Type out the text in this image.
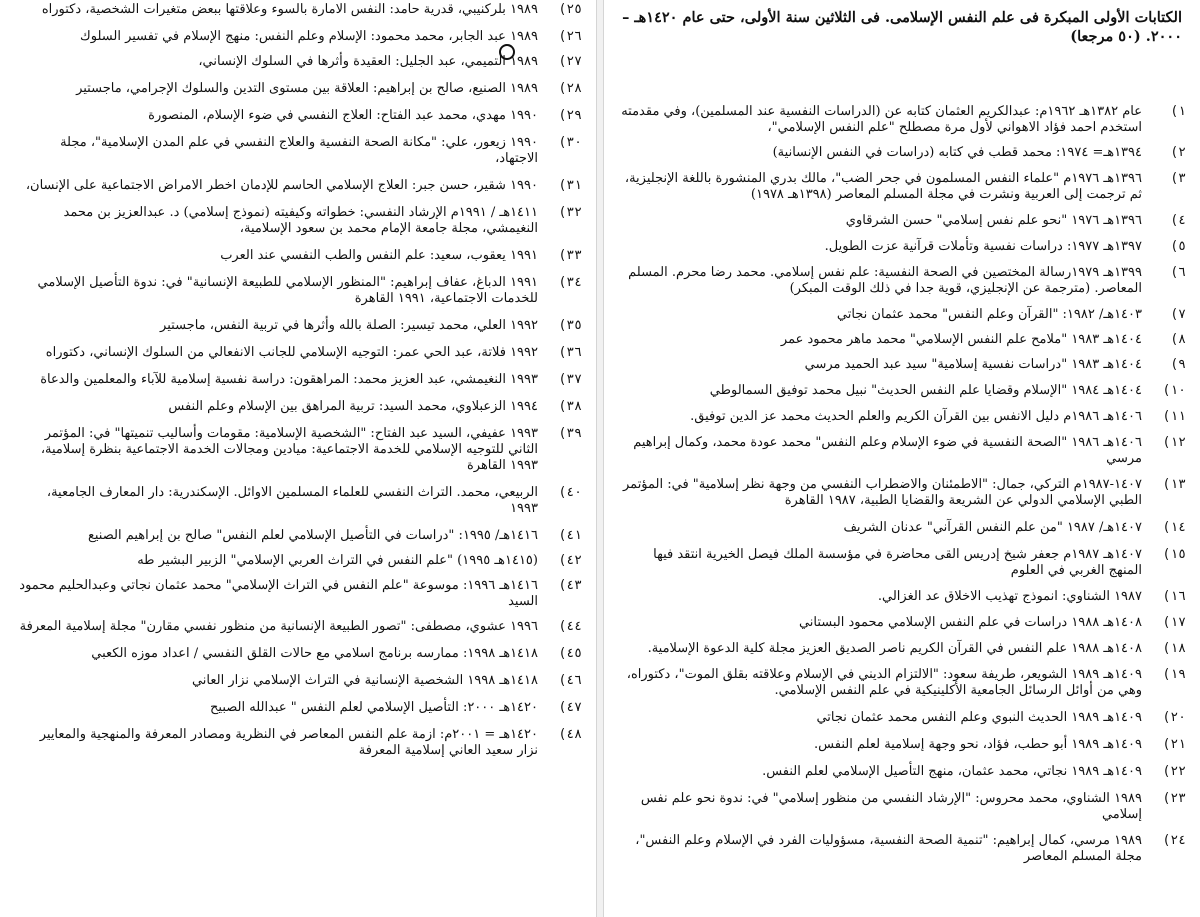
٢٥)
١٩٨٩ بلركنيبي، قدرية حامد: النفس الامارة بالسوء وعلاقتها ببعض متغيرات الشخصية، دكتوراه
٢٦)
١٩٨٩ عبد الجابر، محمد محمود: الإسلام وعلم النفس: منهج الإسلام في تفسير السلوك
٢٧)
١٩٨٩ التميمي، عبد الجليل: العقيدة وأثرها في السلوك الإنساني،
٢٨)
١٩٨٩ الصنيع، صالح بن إبراهيم: العلاقة بين مستوى التدين والسلوك الإجرامي، ماجستير
٢٩)
١٩٩٠ مهدي، محمد عبد الفتاح: العلاج النفسي في ضوء الإسلام، المنصورة
٣٠)
١٩٩٠ زيعور، علي: "مكانة الصحة النفسية والعلاج النفسي في علم المدن الإسلامية"، مجلة الاجتهاد،
٣١)
١٩٩٠ شقير، حسن جبر: العلاج الإسلامي الحاسم للإدمان اخطر الامراض الاجتماعية على الإنسان،
٣٢)
١٤١١هـ / ١٩٩١م الإرشاد النفسي: خطواته وكيفيته (نموذج إسلامي) د. عبدالعزيز بن محمد النغيمشي، مجلة جامعة الإمام محمد بن سعود الإسلامية،
٣٣)
١٩٩١ يعقوب، سعيد: علم النفس والطب النفسي عند العرب
٣٤)
١٩٩١ الدباغ، عفاف إبراهيم: "المنظور الإسلامي للطبيعة الإنسانية" في: ندوة التأصيل الإسلامي للخدمات الاجتماعية، ١٩٩١ القاهرة
٣٥)
١٩٩٢ العلي، محمد تيسير: الصلة بالله وأثرها في تربية النفس، ماجستير
٣٦)
١٩٩٢ فلاتة، عبد الحي عمر: التوجيه الإسلامي للجانب الانفعالي من السلوك الإنساني، دكتوراه
٣٧)
١٩٩٣ النغيمشي، عبد العزيز محمد: المراهقون: دراسة نفسية إسلامية للآباء والمعلمين والدعاة
٣٨)
١٩٩٤ الزعبلاوي، محمد السيد: تربية المراهق بين الإسلام وعلم النفس
٣٩)
١٩٩٣ عفيفي، السيد عبد الفتاح: "الشخصية الإسلامية: مقومات وأساليب تنميتها" في: المؤتمر الثاني للتوجيه الإسلامي للخدمة الاجتماعية: ميادين ومجالات الخدمة الاجتماعية بنظرة إسلامية، ١٩٩٣ القاهرة
٤٠)
الربيعي، محمد. التراث النفسي للعلماء المسلمين الاوائل. الإسكندرية: دار المعارف الجامعية، ١٩٩٣
٤١)
١٤١٦هـ/ ١٩٩٥: "دراسات في التأصيل الإسلامي لعلم النفس" صالح بن إبراهيم الصنيع
٤٢)
(١٤١٥هـ ١٩٩٥) "علم النفس في التراث العربي الإسلامي" الزبير البشير طه
٤٣)
١٤١٦هـ ١٩٩٦: موسوعة "علم النفس في التراث الإسلامي" محمد عثمان نجاتي وعبدالحليم محمود السيد
٤٤)
١٩٩٦ عشوي، مصطفى: "تصور الطبيعة الإنسانية من منظور نفسي مقارن" مجلة إسلامية المعرفة
٤٥)
١٤١٨هـ ١٩٩٨: ممارسه برنامج اسلامي مع حالات القلق النفسي / اعداد موزه الكعبي
٤٦)
١٤١٨هـ ١٩٩٨ الشخصية الإنسانية في التراث الإسلامي نزار العاني
٤٧)
١٤٢٠هـ ٢٠٠٠: التأصيل الإسلامي لعلم النفس " عبدالله الصبيح
٤٨)
١٤٢٠هـ = ٢٠٠١م: ازمة علم النفس المعاصر في النظرية ومصادر المعرفة والمنهجية والمعايير نزار سعيد العاني إسلامية المعرفة
الكتابات الأولى المبكرة فى علم النفس الإسلامى. فى الثلاثين سنة الأولى، حتى عام ١٤٢٠هـ – ٢٠٠٠. (٥٠ مرجعا)
١)
عام ١٣٨٢هـ ١٩٦٢م: عبدالكريم العثمان كتابه عن (الدراسات النفسية عند المسلمين)، وفي مقدمته استخدم احمد فؤاد الاهواني لأول مرة مصطلح "علم النفس الإسلامي"،
٢)
١٣٩٤هـ= ١٩٧٤: محمد قطب في كتابه (دراسات في النفس الإنسانية)
٣)
١٣٩٦هـ ١٩٧٦م "علماء النفس المسلمون في جحر الضب"، مالك بدري المنشورة باللغة الإنجليزية، ثم ترجمت إلى العربية ونشرت في مجلة المسلم المعاصر (١٣٩٨هـ ١٩٧٨)
٤)
١٣٩٦هـ ١٩٧٦ "نحو علم نفس إسلامي" حسن الشرقاوي
٥)
١٣٩٧هـ ١٩٧٧: دراسات نفسية وتأملات قرآنية عزت الطويل.
٦)
١٣٩٩هـ ١٩٧٩رسالة المختصين في الصحة النفسية: علم نفس إسلامي. محمد رضا محرم. المسلم المعاصر. (مترجمة عن الإنجليزي، قوية جدا في ذلك الوقت المبكر)
٧)
١٤٠٣هـ/ ١٩٨٢: "القرآن وعلم النفس" محمد عثمان نجاتي
٨)
١٤٠٤هـ ١٩٨٣ "ملامح علم النفس الإسلامي" محمد ماهر محمود عمر
٩)
١٤٠٤هـ ١٩٨٣ "دراسات نفسية إسلامية" سيد عبد الحميد مرسي
١٠)
١٤٠٤هـ ١٩٨٤ "الإسلام وقضايا علم النفس الحديث" نبيل محمد توفيق السمالوطي
١١)
١٤٠٦هـ ١٩٨٦م دليل الانفس بين القرآن الكريم والعلم الحديث محمد عز الدين توفيق.
١٢)
١٤٠٦هـ ١٩٨٦ "الصحة النفسية في ضوء الإسلام وعلم النفس" محمد عودة محمد، وكمال إبراهيم مرسي
١٣)
١٤٠٧-١٩٨٧م التركي، جمال: "الاطمئنان والاضطراب النفسي من وجهة نظر إسلامية" في: المؤتمر الطبي الإسلامي الدولي عن الشريعة والقضايا الطبية، ١٩٨٧ القاهرة
١٤)
١٤٠٧هـ/ ١٩٨٧ "من علم النفس القرآني" عدنان الشريف
١٥)
١٤٠٧هـ ١٩٨٧م جعفر شيخ إدريس القى محاضرة في مؤسسة الملك فيصل الخيرية انتقد فيها المنهج الغربي في العلوم
١٦)
١٩٨٧ الشناوي: انموذج تهذيب الاخلاق عد الغزالي.
١٧)
١٤٠٨هـ ١٩٨٨ دراسات في علم النفس الإسلامي محمود البستاني
١٨)
١٤٠٨هـ ١٩٨٨ علم النفس في القرآن الكريم ناصر الصديق العزيز مجلة كلية الدعوة الإسلامية.
١٩)
١٤٠٩هـ ١٩٨٩ الشويعر، طريفة سعود: "الالتزام الديني في الإسلام وعلاقته بقلق الموت"، دكتوراه، وهي من أوائل الرسائل الجامعية الأكلينيكية في علم النفس الإسلامي.
٢٠)
١٤٠٩هـ ١٩٨٩ الحديث النبوي وعلم النفس محمد عثمان نجاتي
٢١)
١٤٠٩هـ ١٩٨٩ أبو حطب، فؤاد، نحو وجهة إسلامية لعلم النفس.
٢٢)
١٤٠٩هـ ١٩٨٩ نجاتي، محمد عثمان، منهج التأصيل الإسلامي لعلم النفس.
٢٣)
١٩٨٩ الشناوي، محمد محروس: "الإرشاد النفسي من منظور إسلامي" في: ندوة نحو علم نفس إسلامي
٢٤)
١٩٨٩ مرسي، كمال إبراهيم: "تنمية الصحة النفسية، مسؤوليات الفرد في الإسلام وعلم النفس"، مجلة المسلم المعاصر
